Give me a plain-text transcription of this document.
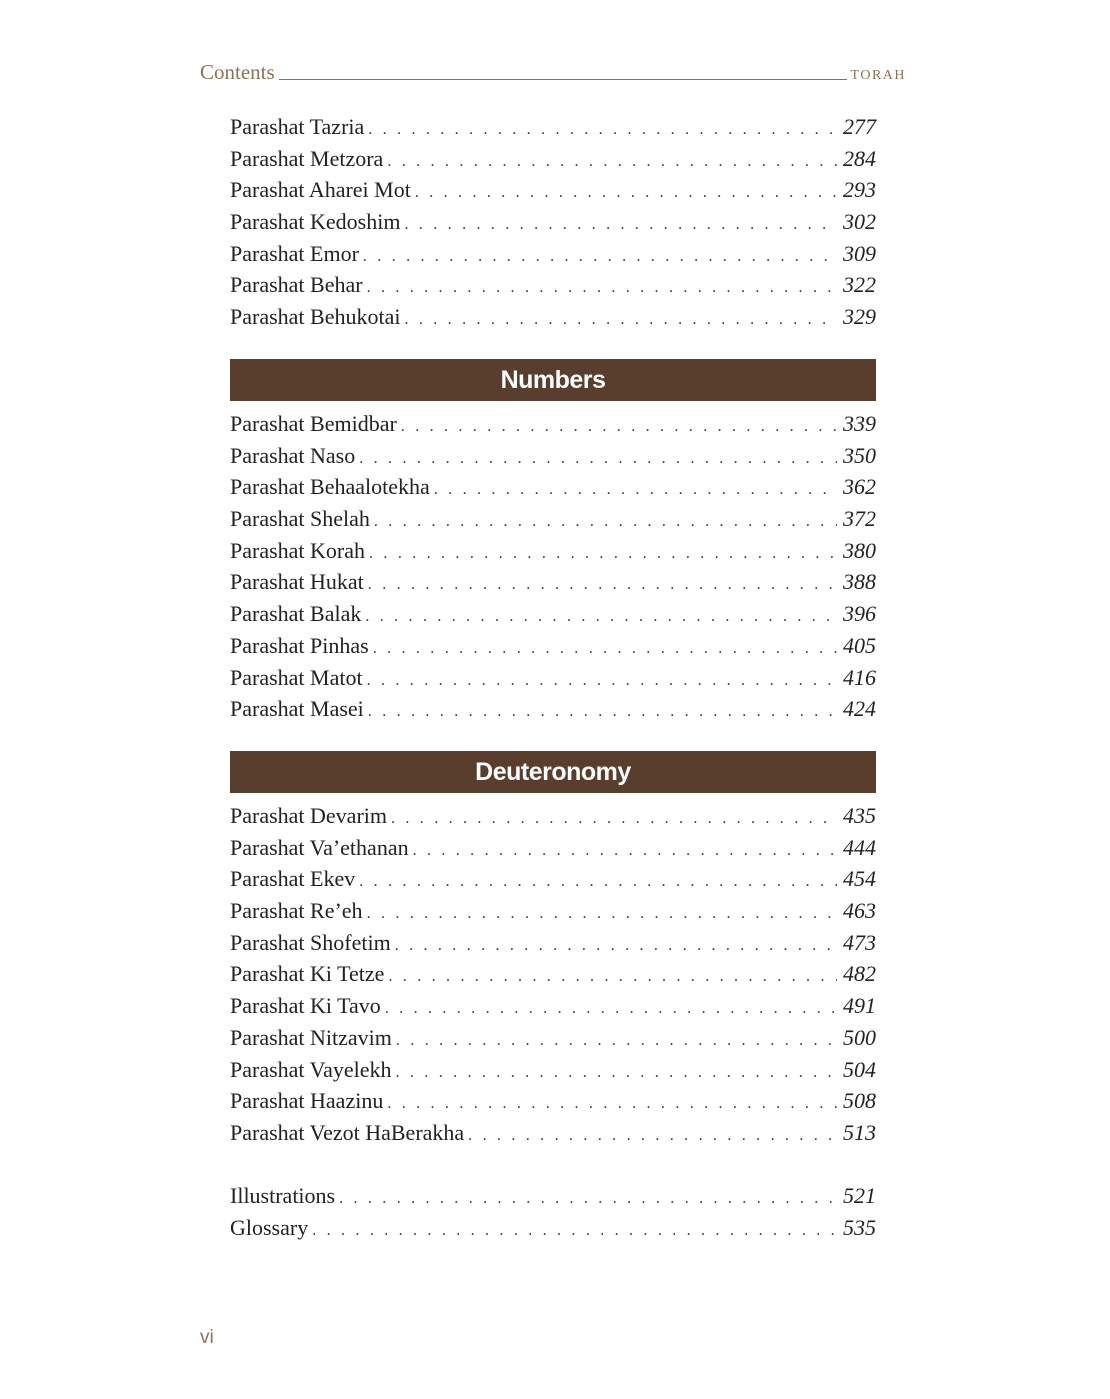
Contents	TORAH
Parashat Tazria . . .	277
Parashat Metzora . . .	284
Parashat Aharei Mot . . .	293
Parashat Kedoshim . . .	302
Parashat Emor . . .	309
Parashat Behar . . .	322
Parashat Behukotai . . .	329
Numbers
Parashat Bemidbar . . .	339
Parashat Naso . . .	350
Parashat Behaalotekha . . .	362
Parashat Shelah . . .	372
Parashat Korah . . .	380
Parashat Hukat . . .	388
Parashat Balak . . .	396
Parashat Pinhas . . .	405
Parashat Matot . . .	416
Parashat Masei . . .	424
Deuteronomy
Parashat Devarim . . .	435
Parashat Va’ethanan . . .	444
Parashat Ekev . . .	454
Parashat Re’eh . . .	463
Parashat Shofetim . . .	473
Parashat Ki Tetze . . .	482
Parashat Ki Tavo . . .	491
Parashat Nitzavim . . .	500
Parashat Vayelekh . . .	504
Parashat Haazinu . . .	508
Parashat Vezot HaBerakha . . .	513
Illustrations . . .	521
Glossary . . .	535
vi
